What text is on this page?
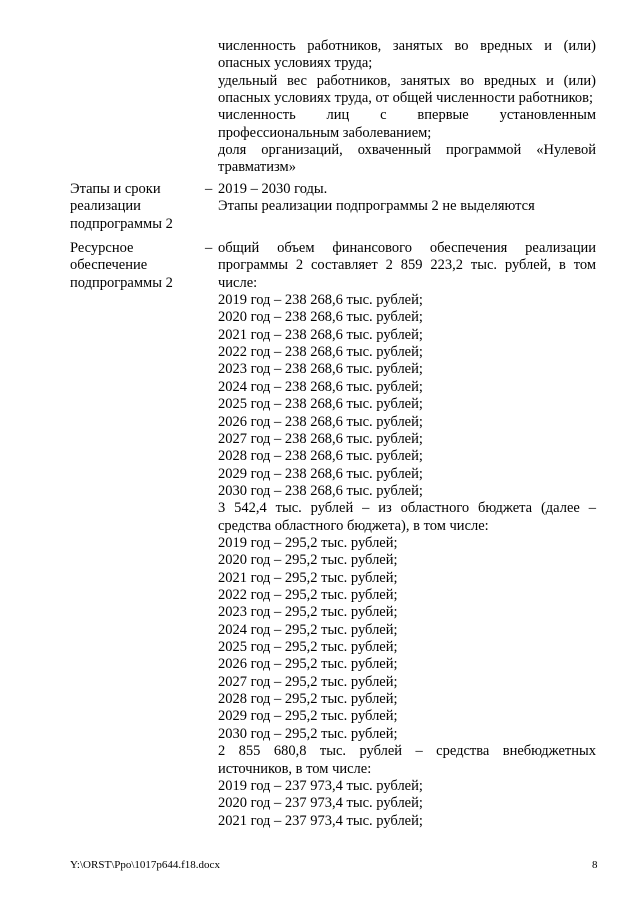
численность работников, занятых во вредных и (или)
опасных условиях труда;
удельный вес работников, занятых во вредных и (или)
опасных условиях труда, от общей численности работников;
численность лиц с впервые установленным
профессиональным заболеванием;
доля организаций, охваченный программой «Нулевой
травматизм»
Этапы и сроки
реализации
подпрограммы 2
– 2019 – 2030 годы.
Этапы реализации подпрограммы 2 не выделяются
Ресурсное
обеспечение
подпрограммы 2
– общий объем финансового обеспечения реализации
программы 2 составляет 2 859 223,2 тыс. рублей, в том
числе:
2019 год – 238 268,6 тыс. рублей;
2020 год – 238 268,6 тыс. рублей;
2021 год – 238 268,6 тыс. рублей;
2022 год – 238 268,6 тыс. рублей;
2023 год – 238 268,6 тыс. рублей;
2024 год – 238 268,6 тыс. рублей;
2025 год – 238 268,6 тыс. рублей;
2026 год – 238 268,6 тыс. рублей;
2027 год – 238 268,6 тыс. рублей;
2028 год – 238 268,6 тыс. рублей;
2029 год – 238 268,6 тыс. рублей;
2030 год – 238 268,6 тыс. рублей;
3 542,4 тыс. рублей – из областного бюджета (далее –
средства областного бюджета), в том числе:
2019 год – 295,2 тыс. рублей;
2020 год – 295,2 тыс. рублей;
2021 год – 295,2 тыс. рублей;
2022 год – 295,2 тыс. рублей;
2023 год – 295,2 тыс. рублей;
2024 год – 295,2 тыс. рублей;
2025 год – 295,2 тыс. рублей;
2026 год – 295,2 тыс. рублей;
2027 год – 295,2 тыс. рублей;
2028 год – 295,2 тыс. рублей;
2029 год – 295,2 тыс. рублей;
2030 год – 295,2 тыс. рублей;
2 855 680,8 тыс. рублей – средства внебюджетных
источников, в том числе:
2019 год – 237 973,4 тыс. рублей;
2020 год – 237 973,4 тыс. рублей;
2021 год – 237 973,4 тыс. рублей;
Y:\ORST\Ppo\1017p644.f18.docx	8
